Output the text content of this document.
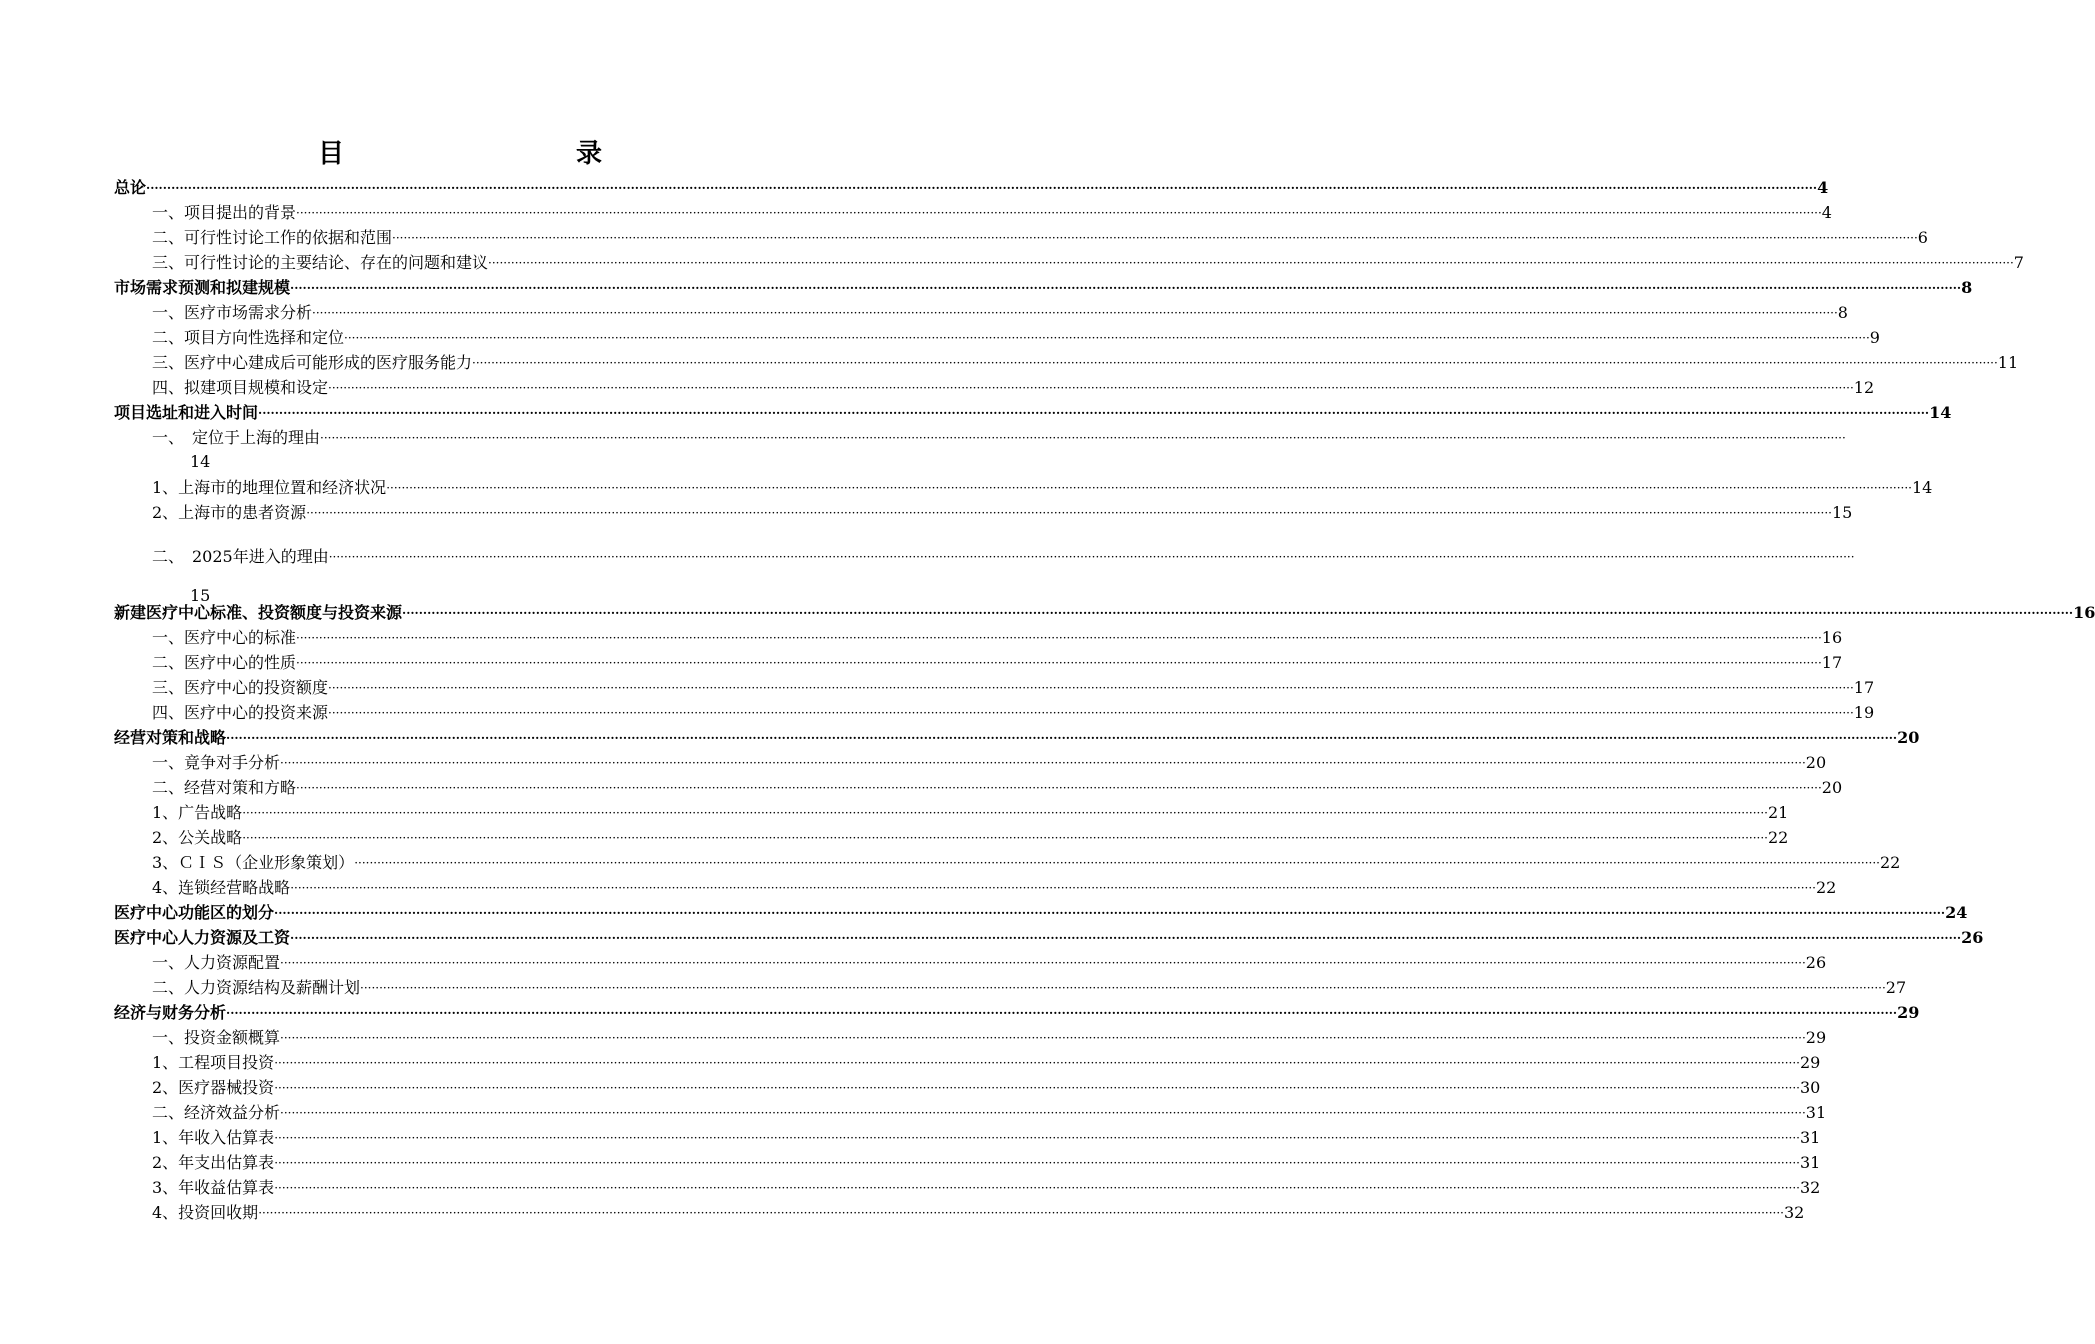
目　　录
总论 ················································································································································································································································································································································································································ 4
一、项目提出的背景 ················································································································································································································································································································································································································ 4
二、可行性讨论工作的依据和范围 ················································································································································································································································································································································································································ 6
三、可行性讨论的主要结论、存在的问题和建议 ················································································································································································································································································································································································································ 7
市场需求预测和拟建规模 ················································································································································································································································································································································································································ 8
一、医疗市场需求分析 ················································································································································································································································································································································································································ 8
二、项目方向性选择和定位 ················································································································································································································································································································································································································ 9
三、医疗中心建成后可能形成的医疗服务能力 ················································································································································································································································································································································································································ 11
四、拟建项目规模和设定 ················································································································································································································································································································································································································ 12
项目选址和进入时间 ················································································································································································································································································································································································································ 14
一、　定位于上海的理由 ················································································································································································································································································································································································································
14
1、上海市的地理位置和经济状况 ················································································································································································································································································································································································································ 14
2、上海市的患者资源 ················································································································································································································································································································································································································ 15
二、　2025年进入的理由 ················································································································································································································································································································································································································
15
新建医疗中心标准、投资额度与投资来源 ················································································································································································································································································································································································································ 16
一、医疗中心的标准 ················································································································································································································································································································································································································ 16
二、医疗中心的性质 ················································································································································································································································································································································································································ 17
三、医疗中心的投资额度 ················································································································································································································································································································································································································ 17
四、医疗中心的投资来源 ················································································································································································································································································································································································································ 19
经营对策和战略 ················································································································································································································································································································································································································ 20
一、竟争对手分析 ················································································································································································································································································································································································································ 20
二、经营对策和方略 ················································································································································································································································································································································································································ 20
1、广告战略 ················································································································································································································································································································································································································ 21
2、公关战略 ················································································································································································································································································································································································································ 22
3、ＣＩＳ（企业形象策划） ················································································································································································································································································································································································································ 22
4、连锁经营略战略 ················································································································································································································································································································································································································ 22
医疗中心功能区的划分 ················································································································································································································································································································································································································ 24
医疗中心人力资源及工资 ················································································································································································································································································································································································································ 26
一、人力资源配置 ················································································································································································································································································································································································································ 26
二、人力资源结构及薪酬计划 ················································································································································································································································································································································································································ 27
经济与财务分析 ················································································································································································································································································································································································································ 29
一、投资金额概算 ················································································································································································································································································································································································································ 29
1、工程项目投资 ················································································································································································································································································································································································································ 29
2、医疗器械投资 ················································································································································································································································································································································································································ 30
二、经济效益分析 ················································································································································································································································································································································································································ 31
1、年收入估算表 ················································································································································································································································································································································································································ 31
2、年支出估算表 ················································································································································································································································································································································································································ 31
3、年收益估算表 ················································································································································································································································································································································································································ 32
4、投资回收期 ················································································································································································································································································································································································································ 32
